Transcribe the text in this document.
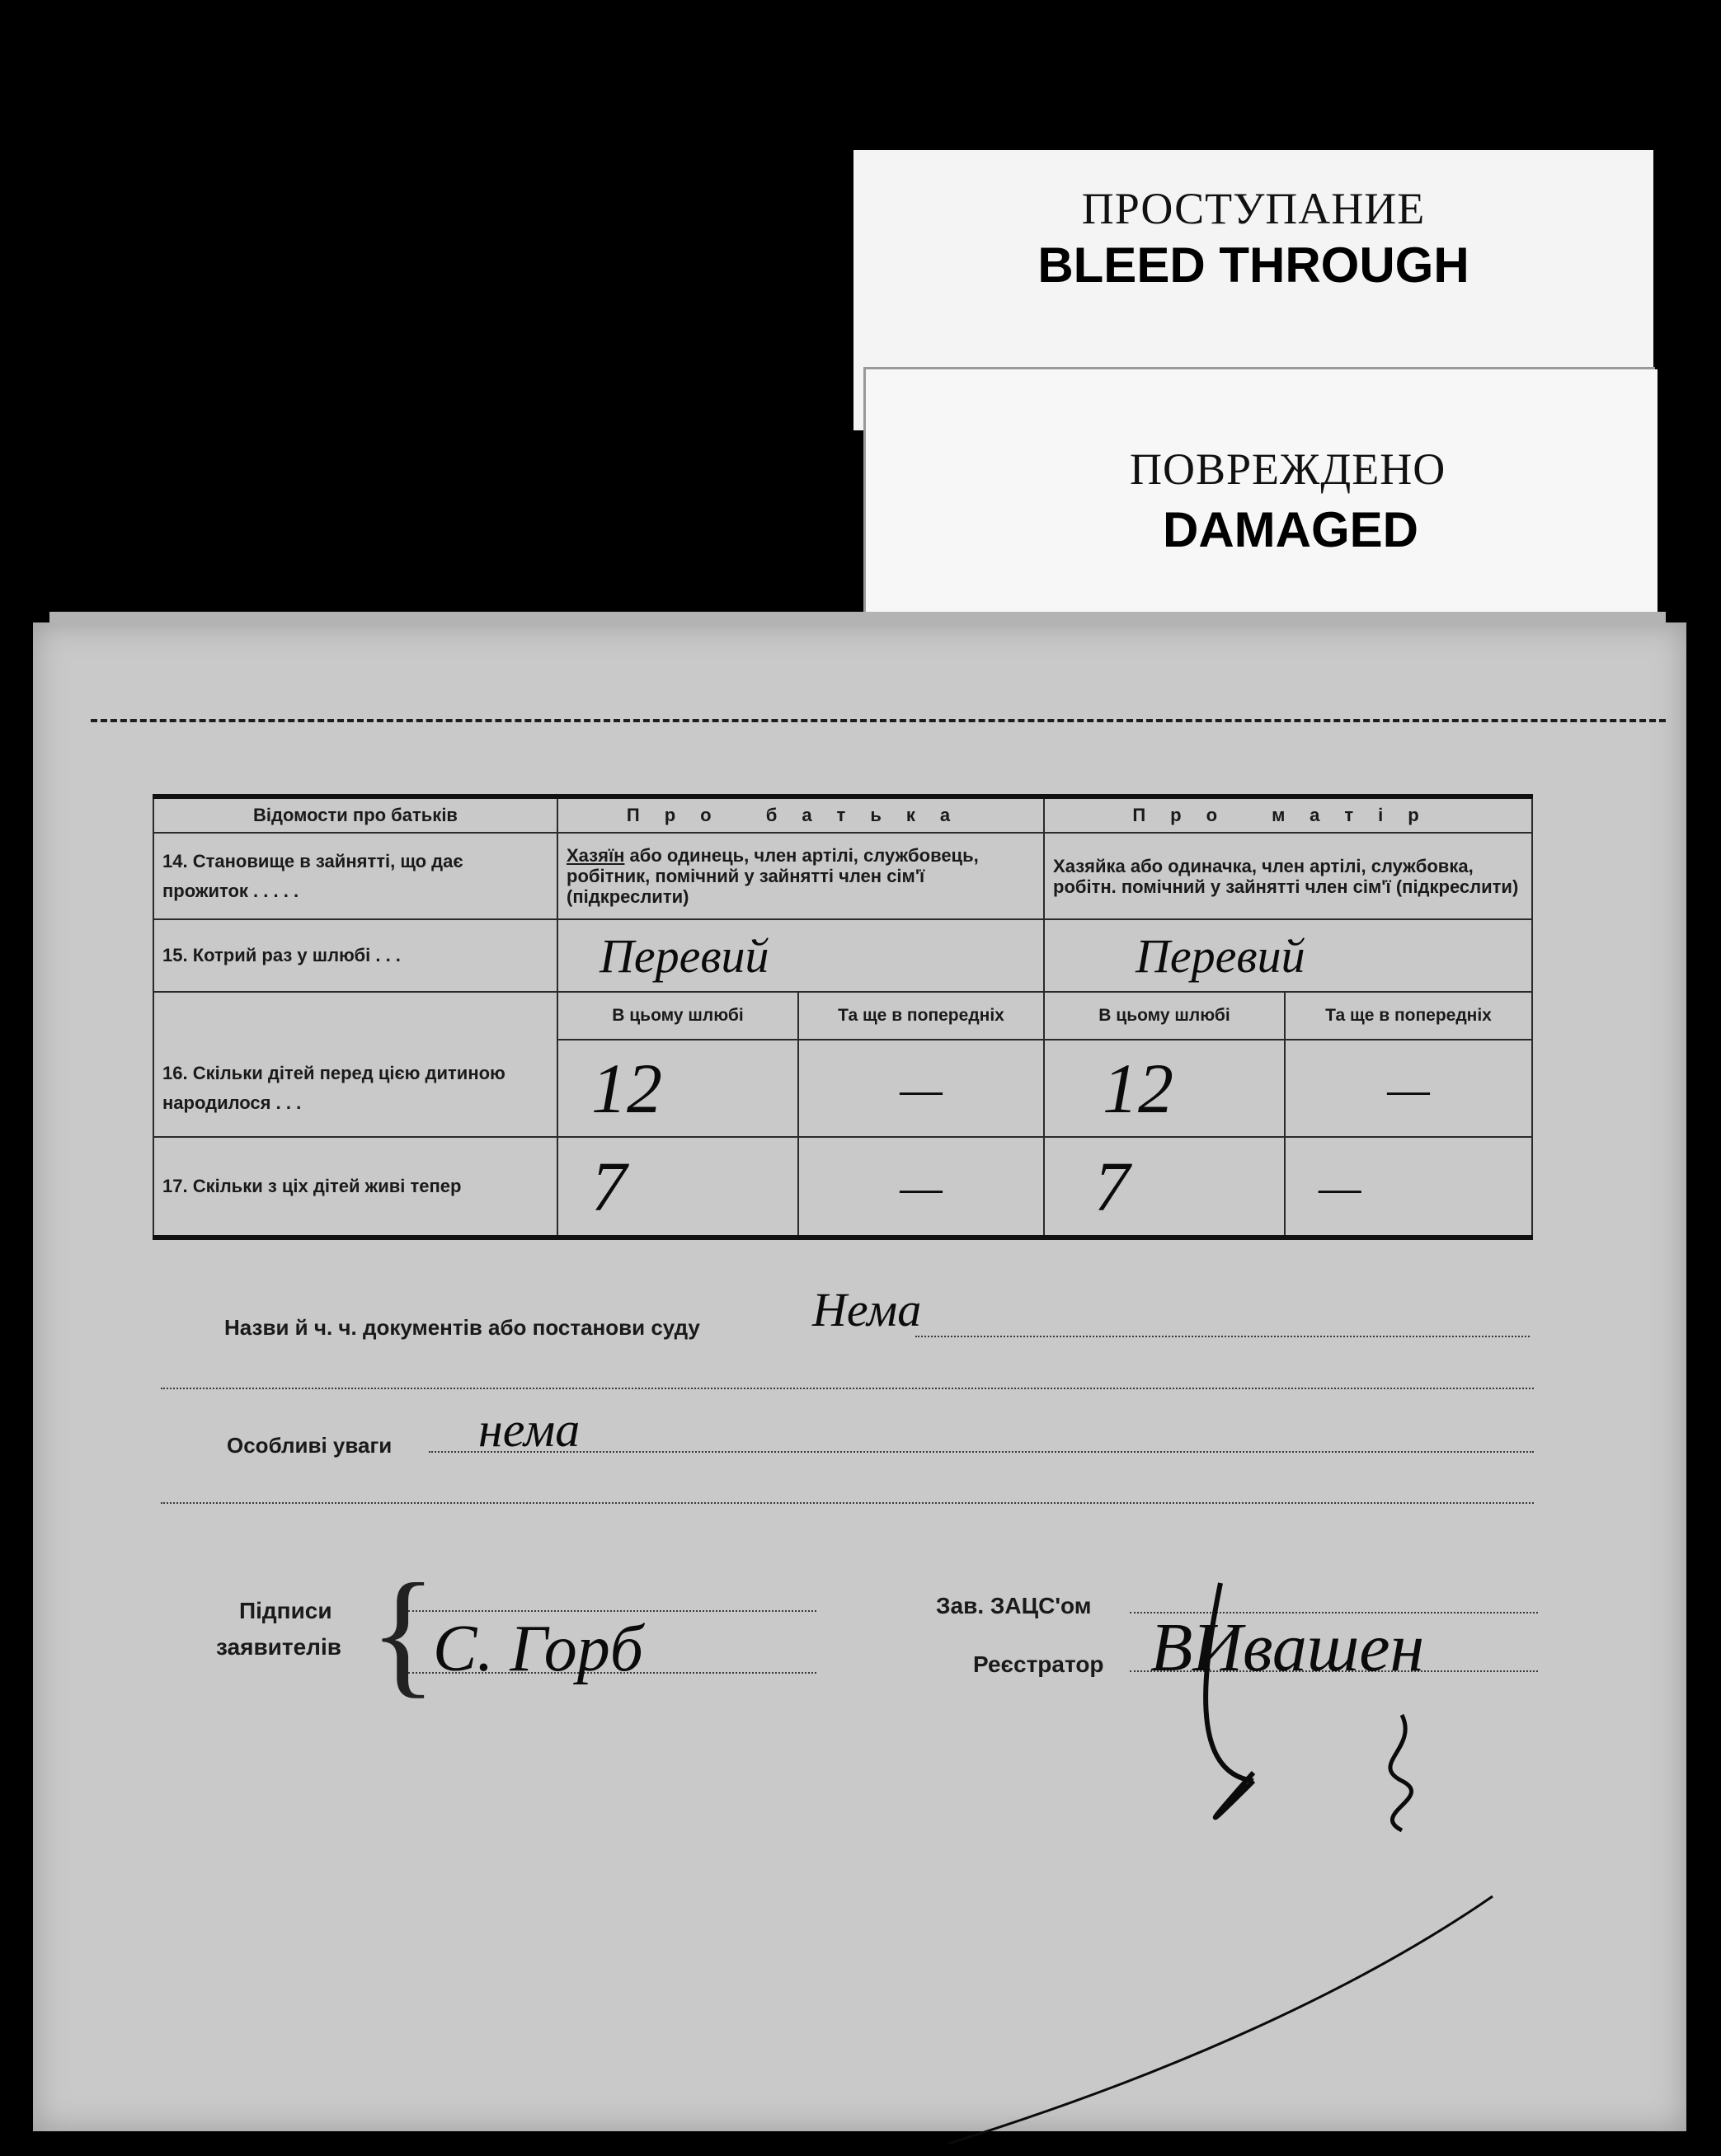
ПРОСТУПАНИЕ
BLEED THROUGH
ПОВРЕЖДЕНО
DAMAGED
Відомости про батьків	Про батька		Про матір	

14. Становище в зайнятті, що дає
прожиток . . . . .	Хазяїн або одинець, член артілі, службовець, робітник, помічний у зайнятті член сім'ї (підкреслити)		Хазяйка або одиначка, член артілі, службовка, робітн. помічний у зайнятті член сім'ї (підкреслити)	
15. Котрий раз у шлюбі . . .	Перевий		Перевий	
	В цьому шлюбі	Та ще в попередніх	В цьому шлюбі	Та ще в попередніх
16. Скільки дітей перед цією дитиною народилося . . .	12	—	12	—
17. Скільки з ціх дітей живі тепер	7	—	7	—
Назви й ч. ч. документів або постанови суду Нема
Особливі уваги нема
Підписи
заявителів {
С. Горб
Зав. ЗАЦС'ом
Реєстратор ВИвашен
